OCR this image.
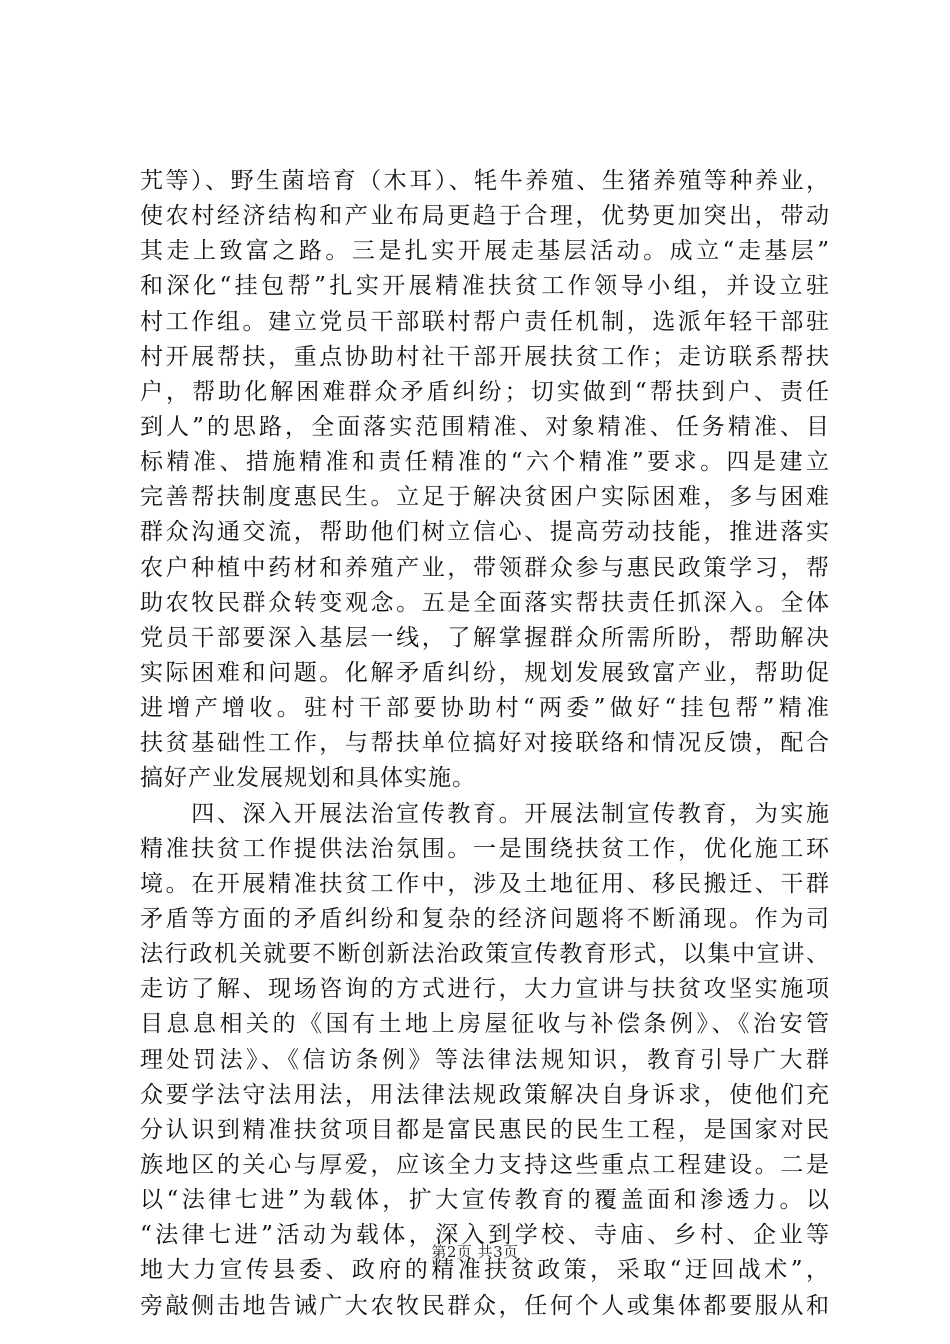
艽等）、野生菌培育（木耳）、牦牛养殖、生猪养殖等种养业，
使农村经济结构和产业布局更趋于合理，优势更加突出，带动
其走上致富之路。三是扎实开展走基层活动。成立“走基层”
和深化“挂包帮”扎实开展精准扶贫工作领导小组，并设立驻
村工作组。建立党员干部联村帮户责任机制，选派年轻干部驻
村开展帮扶，重点协助村社干部开展扶贫工作；走访联系帮扶
户，帮助化解困难群众矛盾纠纷；切实做到“帮扶到户、责任
到人”的思路，全面落实范围精准、对象精准、任务精准、目
标精准、措施精准和责任精准的“六个精准”要求。四是建立
完善帮扶制度惠民生。立足于解决贫困户实际困难，多与困难
群众沟通交流，帮助他们树立信心、提高劳动技能，推进落实
农户种植中药材和养殖产业，带领群众参与惠民政策学习，帮
助农牧民群众转变观念。五是全面落实帮扶责任抓深入。全体
党员干部要深入基层一线，了解掌握群众所需所盼，帮助解决
实际困难和问题。化解矛盾纠纷，规划发展致富产业，帮助促
进增产增收。驻村干部要协助村“两委”做好“挂包帮”精准
扶贫基础性工作，与帮扶单位搞好对接联络和情况反馈，配合
搞好产业发展规划和具体实施。
　　四、深入开展法治宣传教育。开展法制宣传教育，为实施
精准扶贫工作提供法治氛围。一是围绕扶贫工作，优化施工环
境。在开展精准扶贫工作中，涉及土地征用、移民搬迁、干群
矛盾等方面的矛盾纠纷和复杂的经济问题将不断涌现。作为司
法行政机关就要不断创新法治政策宣传教育形式，以集中宣讲、
走访了解、现场咨询的方式进行，大力宣讲与扶贫攻坚实施项
目息息相关的《国有土地上房屋征收与补偿条例》、《治安管
理处罚法》、《信访条例》等法律法规知识，教育引导广大群
众要学法守法用法，用法律法规政策解决自身诉求，使他们充
分认识到精准扶贫项目都是富民惠民的民生工程，是国家对民
族地区的关心与厚爱，应该全力支持这些重点工程建设。二是
以“法律七进”为载体，扩大宣传教育的覆盖面和渗透力。以
“法律七进”活动为载体，深入到学校、寺庙、乡村、企业等
地大力宣传县委、政府的精准扶贫政策，采取“迂回战术”，
旁敲侧击地告诫广大农牧民群众，任何个人或集体都要服从和
第2页 共3页
